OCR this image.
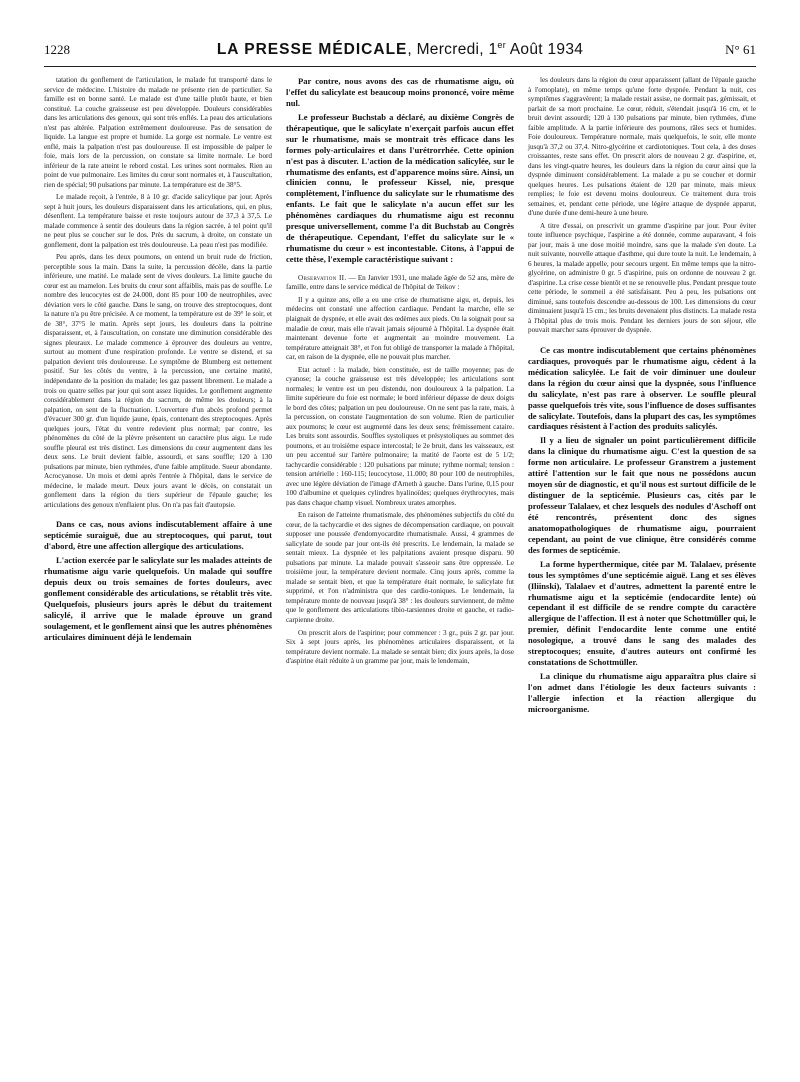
1228	LA PRESSE MÉDICALE, Mercredi, 1er Août 1934	N° 61

tatation du gonflement de l'articulation, le malade fut transporté dans le service de médecine. L'histoire du malade ne présente rien de particulier. Sa famille est en bonne santé. Le malade est d'une taille plutôt haute, et bien constitué. La couche graisseuse est peu développée. Douleurs considérables dans les articulations des genoux, qui sont très enflés. La peau des articulations n'est pas altérée. Palpation extrêmement douloureuse. Pas de sensation de liquide. La langue est propre et humide. La gorge est normale. Le ventre est enflé, mais la palpation n'est pas douloureuse. Il est impossible de palper le foie, mais lors de la percussion, on constate sa limite normale. Le bord inférieur de la rate atteint le rebord costal. Les urines sont normales. Rien au point de vue pulmonaire. Les limites du cœur sont normales et, à l'auscultation, rien de spécial; 90 pulsations par minute. La température est de 38°5.

Le malade reçoit, à l'entrée, 8 à 10 gr. d'acide salicylique par jour. Après sept à huit jours, les douleurs disparaissent dans les articulations, qui, en plus, désenflent. La température baisse et reste toujours autour de 37,3 à 37,5. Le malade commence à sentir des douleurs dans la région sacrée, à tel point qu'il ne peut plus se coucher sur le dos. Près du sacrum, à droite, on constate un gonflement, dont la palpation est très douloureuse. La peau n'est pas modifiée.

Peu après, dans les deux poumons, on entend un bruit rude de friction, perceptible sous la main. Dans la suite, la percussion décèle, dans la partie inférieure, une matité. Le malade sent de vives douleurs. La limite gauche du cœur est au mamelon. Les bruits du cœur sont affaiblis, mais pas de souffle. Le nombre des leucocytes est de 24.000, dont 85 pour 100 de neutrophiles, avec déviation vers le côté gauche. Dans le sang, on trouve des streptocoques, dont la nature n'a pu être précisée. A ce moment, la température est de 39° le soir, et de 38°, 37°5 le matin. Après sept jours, les douleurs dans la poitrine disparaissent, et, à l'auscultation, on constate une diminution considérable des signes pleuraux. Le malade commence à éprouver des douleurs au ventre, surtout au moment d'une respiration profonde. Le ventre se distend, et sa palpation devient très douloureuse. Le symptôme de Blumberg est nettement positif. Sur les côtés du ventre, à la percussion, une certaine matité, indépendante de la position du malade; les gaz passent librement. Le malade a trois ou quatre selles par jour qui sont assez liquides. Le gonflement augmente considérablement dans la région du sacrum, de même les douleurs; à la palpation, on sent de la fluctuation. L'ouverture d'un abcès profond permet d'évacuer 300 gr. d'un liquide jaune, épais, contenant des streptocoques. Après quelques jours, l'état du ventre redevient plus normal; par contre, les phénomènes du côté de la plèvre présentent un caractère plus aigu. Le rude souffle pleural est très distinct. Les dimensions du cœur augmentent dans les deux sens. Le bruit devient faible, assourdi, et sans souffle; 120 à 130 pulsations par minute, bien rythmées, d'une faible amplitude. Sueur abondante. Acrocyanose. Un mois et demi après l'entrée à l'hôpital, dans le service de médecine, le malade meurt. Deux jours avant le décès, on constatait un gonflement dans la région du tiers supérieur de l'épaule gauche; les articulations des genoux n'enflaient plus. On n'a pas fait d'autopsie.

Dans ce cas, nous avions indiscutablement affaire à une septicémie suraiguë, due au streptocoques, qui parut, tout d'abord, être une affection allergique des articulations.

L'action exercée par le salicylate sur les malades atteints de rhumatisme aigu varie quelquefois. Un malade qui souffre depuis deux ou trois semaines de fortes douleurs, avec gonflement considérable des articulations, se rétablit très vite. Quelquefois, plusieurs jours après le début du traitement salicylé, il arrive que le malade éprouve un grand soulagement, et le gonflement ainsi que les autres phénomènes articulaires diminuent déjà le lendemain

Par contre, nous avons des cas de rhumatisme aigu, où l'effet du salicylate est beaucoup moins prononcé, voire même nul.

Le professeur Buchstab a déclaré, au dixième Congrès de thérapeutique, que le salicylate n'exerçait parfois aucun effet sur le rhumatisme, mais se montrait très efficace dans les formes poly-articulaires et dans l'urétrorrhée. Cette opinion n'est pas à discuter. L'action de la médication salicylée, sur le rhumatisme des enfants, est d'apparence moins sûre. Ainsi, un clinicien connu, le professeur Kissel, nie, presque complètement, l'influence du salicylate sur le rhumatisme des enfants. Le fait que le salicylate n'a aucun effet sur les phénomènes cardiaques du rhumatisme aigu est reconnu presque universellement, comme l'a dit Buchstab au Congrès de thérapeutique. Cependant, l'effet du salicylate sur le « rhumatisme du cœur » est incontestable. Citons, à l'appui de cette thèse, l'exemple caractéristique suivant :

Observation II. — En Janvier 1931, une malade âgée de 52 ans, mère de famille, entre dans le service médical de l'hôpital de Teikov :

Il y a quinze ans, elle a eu une crise de rhumatisme aigu, et, depuis, les médecins ont constaté une affection cardiaque. Pendant la marche, elle se plaignait de dyspnée, et elle avait des œdèmes aux pieds. On la soignait pour sa maladie de cœur, mais elle n'avait jamais séjourné à l'hôpital. La dyspnée était maintenant devenue forte et augmentait au moindre mouvement. La température atteignait 38°, et l'on fut obligé de transporter la malade à l'hôpital, car, en raison de la dyspnée, elle ne pouvait plus marcher.

Etat actuel : la malade, bien constituée, est de taille moyenne; pas de cyanose; la couche graisseuse est très développée; les articulations sont normales; le ventre est un peu distendu, non douloureux à la palpation. La limite supérieure du foie est normale; le bord inférieur dépasse de deux doigts le bord des côtes; palpation un peu douloureuse. On ne sent pas la rate, mais, à la percussion, on constate l'augmentation de son volume. Rien de particulier aux poumons; le cœur est augmenté dans les deux sens; frémissement cataire. Les bruits sont assourdis. Souffles systoliques et présystoliques au sommet des poumons, et au troisième espace intercostal; le 2e bruit, dans les vaisseaux, est un peu accentué sur l'artère pulmonaire; la matité de l'aorte est de 5 1/2; tachycardie considérable : 120 pulsations par minute; rythme normal; tension : tension artérielle : 160-115; leucocytose, 11.000; 80 pour 100 de neutrophiles, avec une légère déviation de l'image d'Arneth à gauche. Dans l'urine, 0,15 pour 100 d'albumine et quelques cylindres hyalinoïdes; quelques érythrocytes, mais pas dans chaque champ visuel. Nombreux urates amorphes.

En raison de l'atteinte rhumatismale, des phénomènes subjectifs du côté du cœur, de la tachycardie et des signes de décompensation cardiaque, on pouvait supposer une poussée d'endomyocardite rhumatismale. Aussi, 4 grammes de salicylate de soude par jour ont-ils été prescrits. Le lendemain, la malade se sentait mieux. La dyspnée et les palpitations avaient presque disparu. 90 pulsations par minute. La malade pouvait s'asseoir sans être oppressée. Le troisième jour, la température devient normale. Cinq jours après, comme la malade se sentait bien, et que la température était normale, le salicylate fut supprimé, et l'on n'administra que des cardio-toniques. Le lendemain, la température monte de nouveau jusqu'à 38° : les douleurs surviennent, de même que le gonflement des articulations tibio-tarsiennes droite et gauche, et radio-carpienne droite.

On prescrit alors de l'aspirine; pour commencer : 3 gr., puis 2 gr. par jour. Six à sept jours après, les phénomènes articulaires disparaissent, et la température devient normale. La malade se sentait bien; dix jours après, la dose d'aspirine était réduite à un gramme par jour, mais le lendemain,

les douleurs dans la région du cœur apparaissent (allant de l'épaule gauche à l'omoplate), en même temps qu'une forte dyspnée. Pendant la nuit, ces symptômes s'aggravèrent; la malade restait assise, ne dormait pas, gémissait, et parlait de sa mort prochaine. Le cœur, réduit, s'étendait jusqu'à 16 cm, et le bruit devint assourdi; 120 à 130 pulsations par minute, bien rythmées, d'une faible amplitude. A la partie inférieure des poumons, râles secs et humides. Foie douloureux. Température normale, mais quelquefois, le soir, elle monte jusqu'à 37,2 ou 37,4. Nitro-glycérine et cardiotoniques. Tout cela, à des doses croissantes, reste sans effet. On prescrit alors de nouveau 2 gr. d'aspirine, et, dans les vingt-quatre heures, les douleurs dans la région du cœur ainsi que la dyspnée diminuent considérablement. La malade a pu se coucher et dormir quelques heures. Les pulsations étaient de 120 par minute, mais mieux remplies; le foie est devenu moins douloureux. Ce traitement dura trois semaines, et, pendant cette période, une légère attaque de dyspnée apparut, d'une durée d'une demi-heure à une heure.

A titre d'essai, on prescrivit un gramme d'aspirine par jour. Pour éviter toute influence psychique, l'aspirine a été donnée, comme auparavant, 4 fois par jour, mais à une dose moitié moindre, sans que la malade s'en doute. La nuit suivante, nouvelle attaque d'asthme, qui dure toute la nuit. Le lendemain, à 6 heures, la malade appelle, pour secours urgent. En même temps que la nitro-glycérine, on administre 0 gr. 5 d'aspirine, puis on ordonne de nouveau 2 gr. d'aspirine. La crise cesse bientôt et ne se renouvelle plus. Pendant presque toute cette période, le sommeil a été satisfaisant. Peu à peu, les pulsations ont diminué, sans toutefois descendre au-dessous de 100. Les dimensions du cœur diminuaient jusqu'à 15 cm.; les bruits devenaient plus distincts. La malade resta à l'hôpital plus de trois mois. Pendant les derniers jours de son séjour, elle pouvait marcher sans éprouver de dyspnée.

Ce cas montre indiscutablement que certains phénomènes cardiaques, provoqués par le rhumatisme aigu, cèdent à la médication salicylée. Le fait de voir diminuer une douleur dans la région du cœur ainsi que la dyspnée, sous l'influence du salicylate, n'est pas rare à observer. Le souffle pleural passe quelquefois très vite, sous l'influence de doses suffisantes de salicylate. Toutefois, dans la plupart des cas, les symptômes cardiaques résistent à l'action des produits salicylés.

Il y a lieu de signaler un point particulièrement difficile dans la clinique du rhumatisme aigu. C'est la question de sa forme non articulaire. Le professeur Granstrem a justement attiré l'attention sur le fait que nous ne possédons aucun moyen sûr de diagnostic, et qu'il nous est surtout difficile de le distinguer de la septicémie. Plusieurs cas, cités par le professeur Talalaev, et chez lesquels des nodules d'Aschoff ont été rencontrés, présentent donc des signes anatomopathologiques de rhumatisme aigu, pourraient cependant, au point de vue clinique, être considérés comme des formes de septicémie.

La forme hyperthermique, citée par M. Talalaev, présente tous les symptômes d'une septicémie aiguë. Lang et ses élèves (Iliinski), Talalaev et d'autres, admettent la parenté entre le rhumatisme aigu et la septicémie (endocardite lente) où cependant il est difficile de se rendre compte du caractère allergique de l'affection. Il est à noter que Schottmüller qui, le premier, définit l'endocardite lente comme une entité nosologique, a trouvé dans le sang des malades des streptocoques; ensuite, d'autres auteurs ont confirmé les constatations de Schottmüller.

La clinique du rhumatisme aigu apparaîtra plus claire si l'on admet dans l'étiologie les deux facteurs suivants : l'allergie infection et la réaction allergique du microorganisme.
